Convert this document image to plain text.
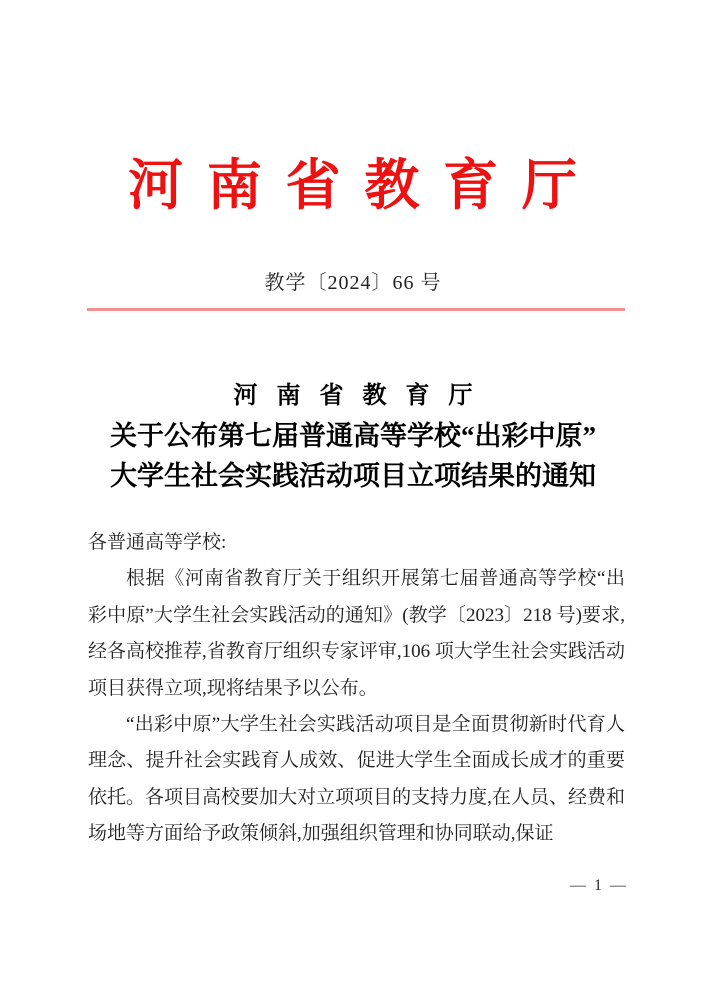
河 南 省 教 育 厅
教学〔2024〕66 号
河 南 省 教 育 厅
关于公布第七届普通高等学校“出彩中原”
大学生社会实践活动项目立项结果的通知

各普通高等学校:

根据《河南省教育厅关于组织开展第七届普通高等学校“出彩中原”大学生社会实践活动的通知》(教学〔2023〕218 号)要求,经各高校推荐,省教育厅组织专家评审,106 项大学生社会实践活动项目获得立项,现将结果予以公布。

“出彩中原”大学生社会实践活动项目是全面贯彻新时代育人理念、提升社会实践育人成效、促进大学生全面成长成才的重要依托。各项目高校要加大对立项项目的支持力度,在人员、经费和场地等方面给予政策倾斜,加强组织管理和协同联动,保证

— 1 —
